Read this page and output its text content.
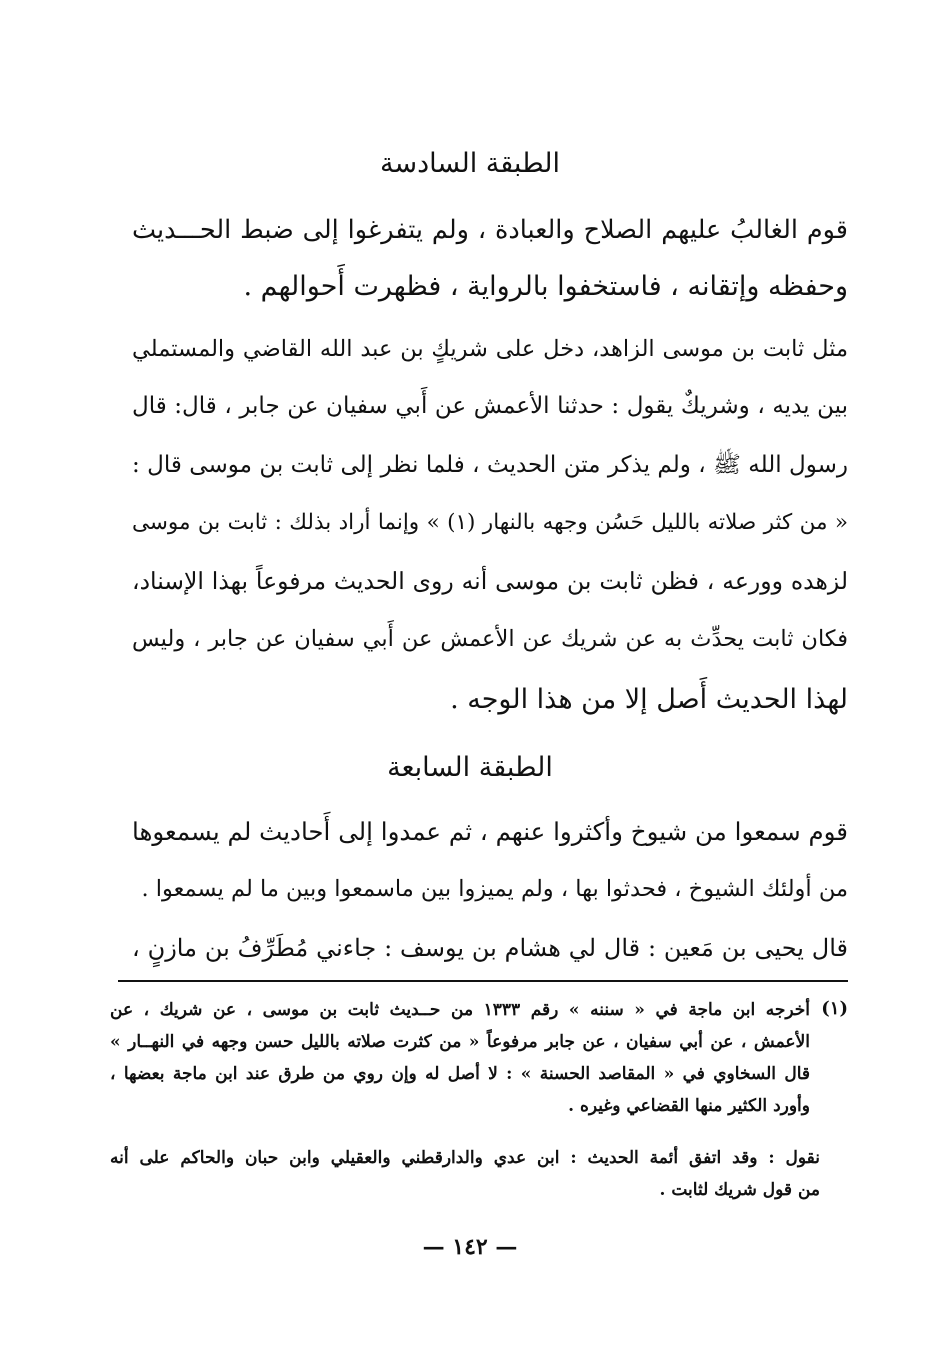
الطبقة السادسة
قوم الغالبُ عليهم الصلاح والعبادة ، ولم يتفرغوا إلى ضبط الحـــديث
وحفظه وإتقانه ، فاستخفوا بالرواية ، فظهرت أَحوالهم .
مثل ثابت بن موسى الزاهد، دخل على شريكٍ بن عبد الله القاضي والمستملي
بين يديه ، وشريكٌ يقول : حدثنا الأعمش عن أَبي سفيان عن جابر ، قال: قال
رسول الله ﷺ ، ولم يذكر متن الحديث ، فلما نظر إلى ثابت بن موسى قال :
« من كثر صلاته بالليل حَسُن وجهه بالنهار (١) » وإنما أراد بذلك : ثابت بن موسى
لزهده وورعه ، فظن ثابت بن موسى أنه روى الحديث مرفوعاً بهذا الإسناد،
فكان ثابت يحدِّث به عن شريك عن الأعمش عن أَبي سفيان عن جابر ، وليس
لهذا الحديث أَصل إلا من هذا الوجه .
الطبقة السابعة
قوم سمعوا من شيوخ وأكثروا عنهم ، ثم عمدوا إلى أَحاديث لم يسمعوها
من أولئك الشيوخ ، فحدثوا بها ، ولم يميزوا بين ماسمعوا وبين ما لم يسمعوا .
قال يحيى بن مَعين : قال لي هشام بن يوسف : جاءني مُطَرِّفُ بن مازنٍ ،
(١)
أخرجه ابن ماجة في « سننه » رقم ١٣٣٣ من حــديث ثابت بن موسى ، عن شريك ، عن
الأعمش ، عن أبي سفيان ، عن جابر مرفوعاً « من كثرت صلاته بالليل حسن وجهه في النهــار »
قال السخاوي في « المقاصد الحسنة » : لا أصل له وإن روي من طرق عند ابن ماجة بعضها ،
وأورد الكثير منها القضاعي وغيره .
نقول : وقد اتفق أئمة الحديث : ابن عدي والدارقطني والعقيلي وابن حبان والحاكم على أنه
من قول شريك لثابت .
— ١٤٢ —
